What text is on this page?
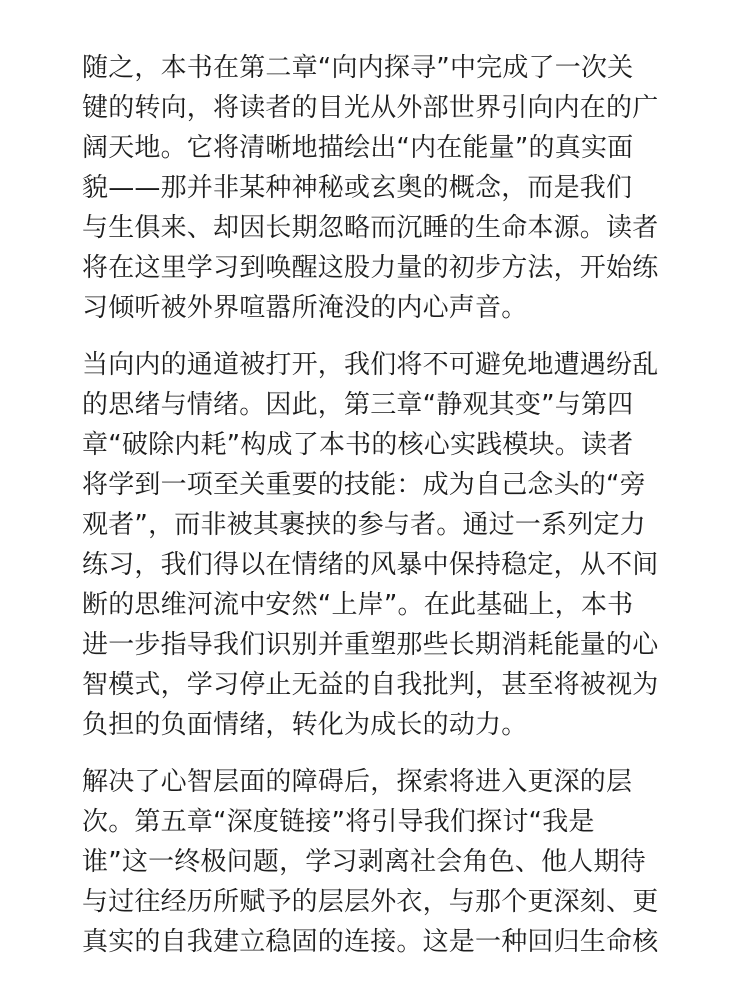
随之，本书在第二章“向内探寻”中完成了一次关
键的转向，将读者的目光从外部世界引向内在的广
阔天地。它将清晰地描绘出“内在能量”的真实面
貌——那并非某种神秘或玄奥的概念，而是我们
与生俱来、却因长期忽略而沉睡的生命本源。读者
将在这里学习到唤醒这股力量的初步方法，开始练
习倾听被外界喧嚣所淹没的内心声音。
当向内的通道被打开，我们将不可避免地遭遇纷乱
的思绪与情绪。因此，第三章“静观其变”与第四
章“破除内耗”构成了本书的核心实践模块。读者
将学到一项至关重要的技能：成为自己念头的“旁
观者”，而非被其裹挟的参与者。通过一系列定力
练习，我们得以在情绪的风暴中保持稳定，从不间
断的思维河流中安然“上岸”。在此基础上，本书
进一步指导我们识别并重塑那些长期消耗能量的心
智模式，学习停止无益的自我批判，甚至将被视为
负担的负面情绪，转化为成长的动力。
解决了心智层面的障碍后，探索将进入更深的层
次。第五章“深度链接”将引导我们探讨“我是
谁”这一终极问题，学习剥离社会角色、他人期待
与过往经历所赋予的层层外衣，与那个更深刻、更
真实的自我建立稳固的连接。这是一种回归生命核
